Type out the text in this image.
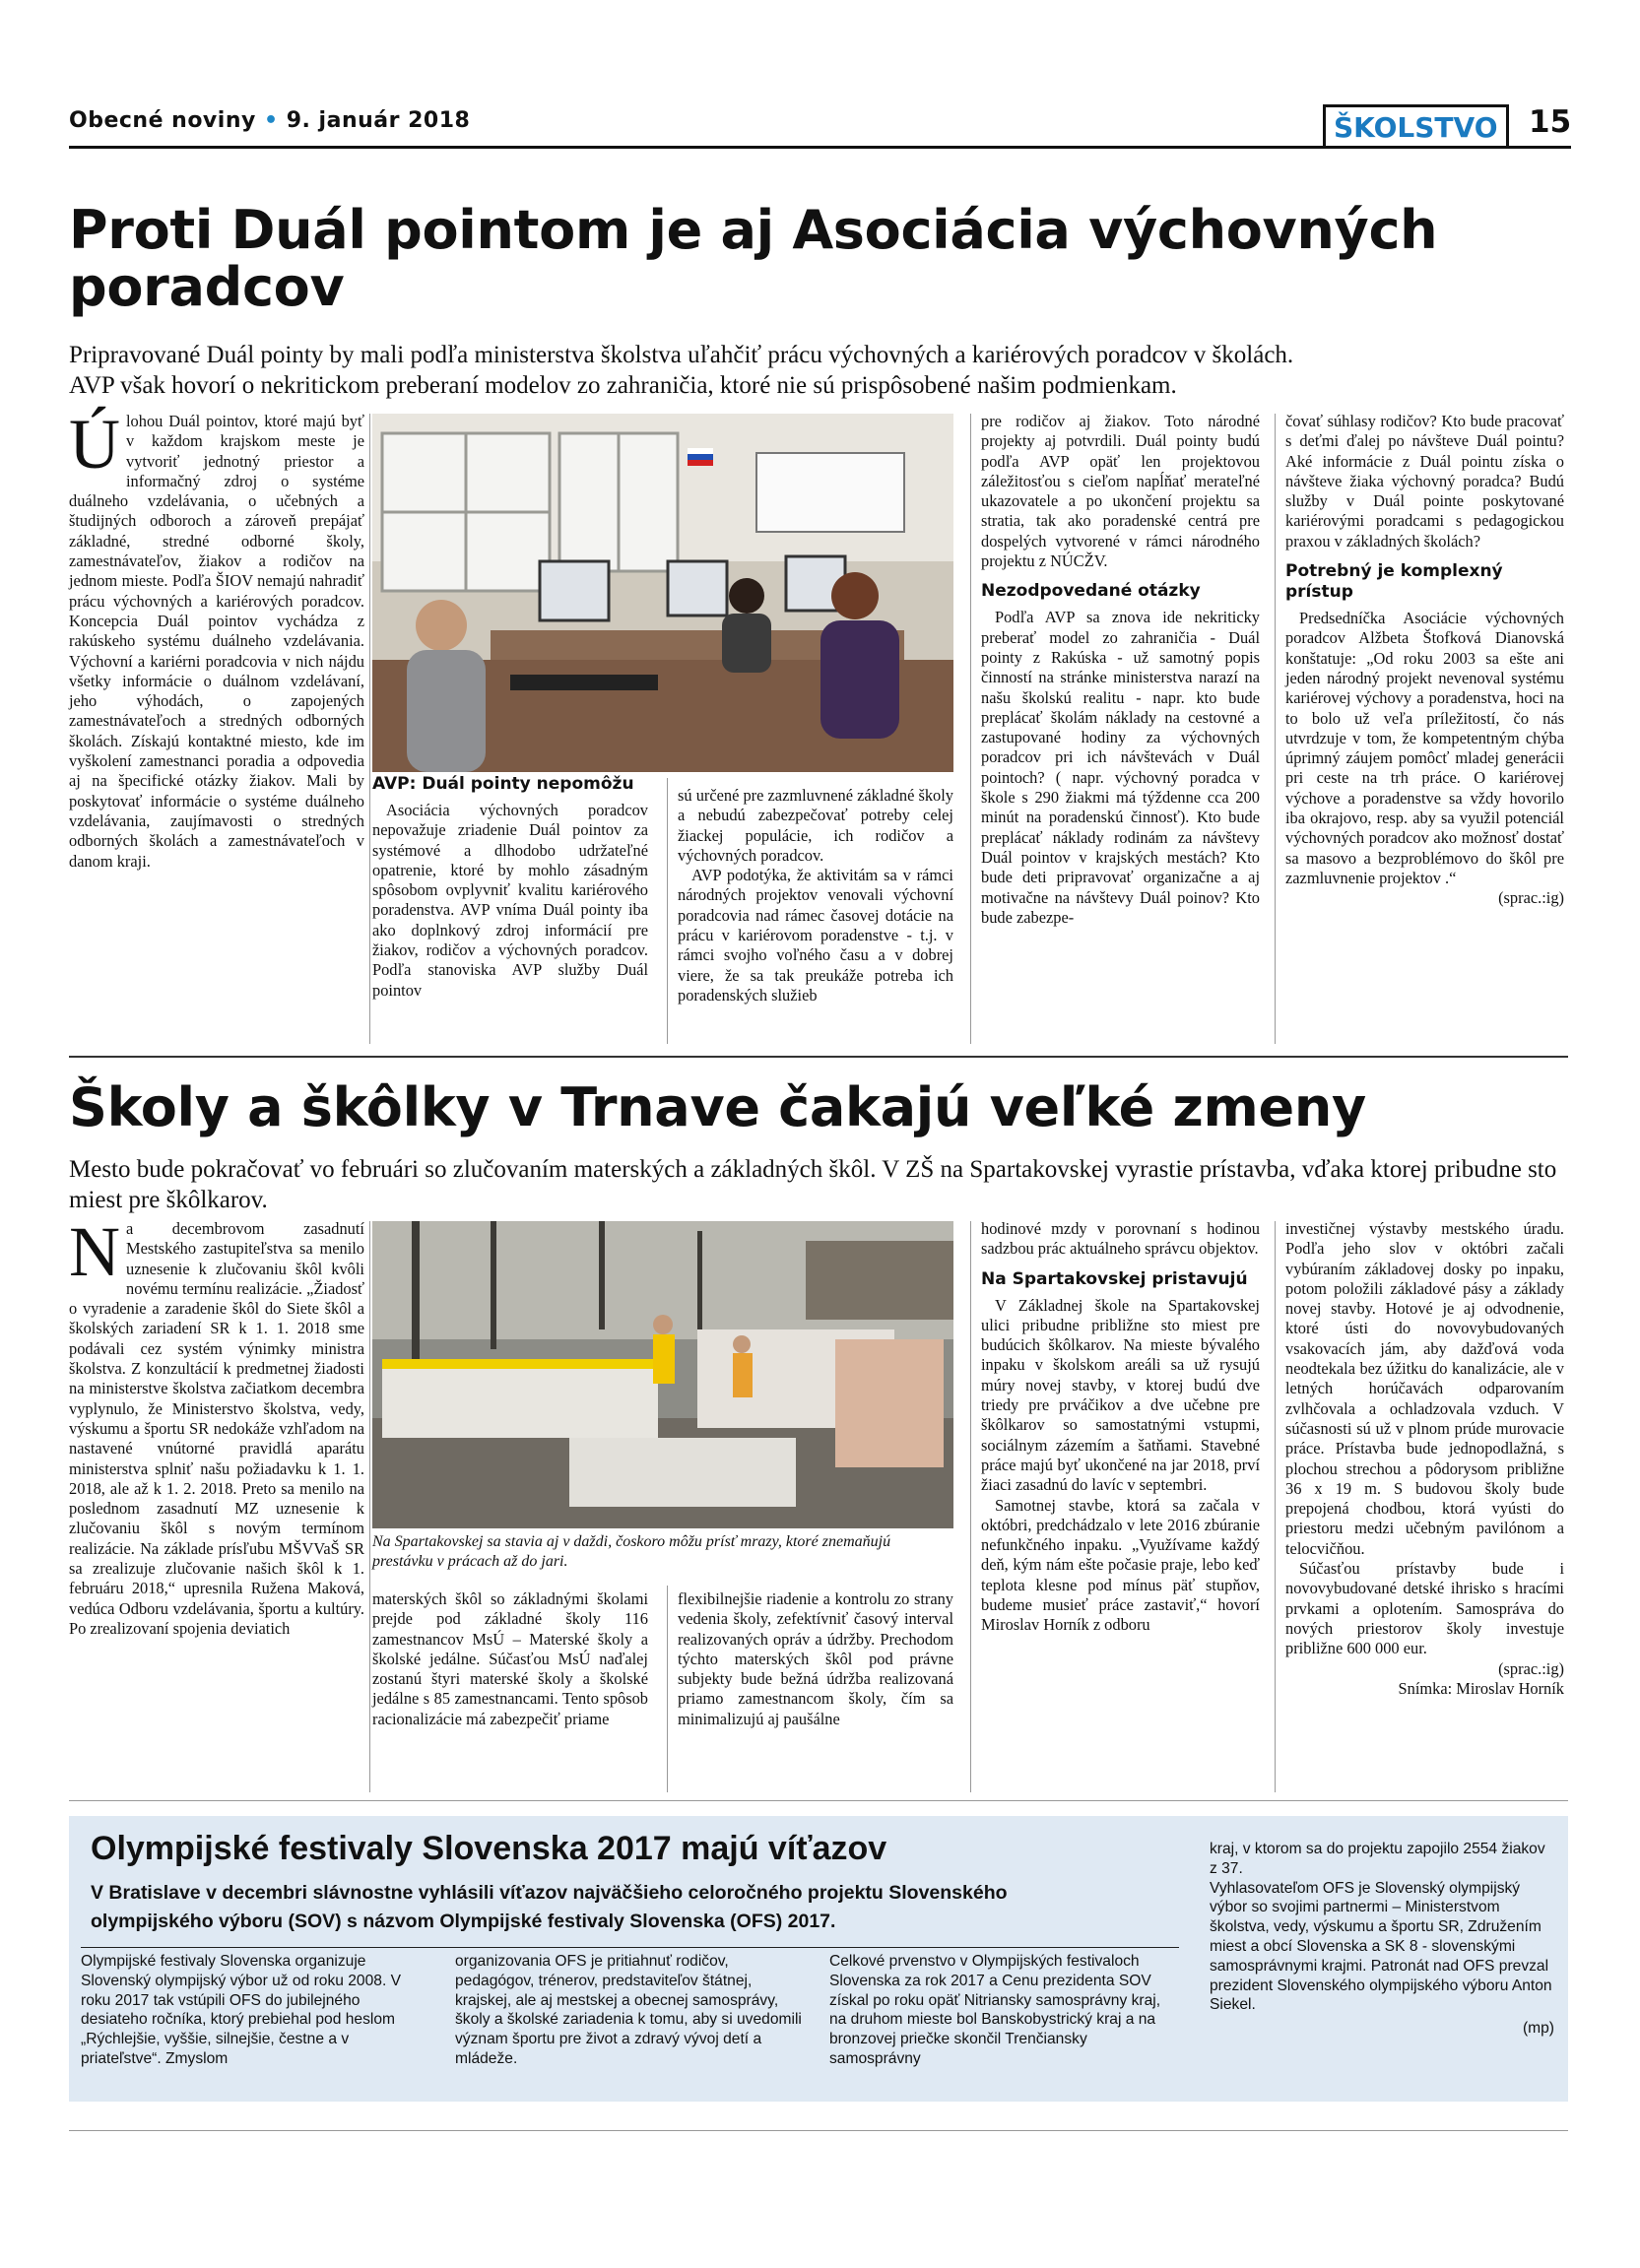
Obecné noviny • 9. január 2018	ŠKOLSTVO	15
Proti Duál pointom je aj Asociácia výchovných poradcov
Pripravované Duál pointy by mali podľa ministerstva školstva uľahčiť prácu výchovných a kariérových poradcov v školách.
AVP však hovorí o nekritickom preberaní modelov zo zahraničia, ktoré nie sú prispôsobené našim podmienkam.
Ú lohou Duál pointov, ktoré majú byť v každom krajskom meste je vytvoriť jednotný priestor a informačný zdroj o systéme duálneho vzdelávania, o učebných a študijných odboroch a zároveň prepájať základné, stredné odborné školy, zamestnávateľov, žiakov a rodičov na jednom mieste. Podľa ŠIOV nemajú nahradiť prácu výchovných a kariérových poradcov. Koncepcia Duál pointov vychádza z rakúskeho systému duálneho vzdelávania. Výchovní a kariérni poradcovia v nich nájdu všetky informácie o duálnom vzdelávaní, jeho výhodách, o zapojených zamestnávateľoch a stredných odborných školách. Získajú kontaktné miesto, kde im vyškolení zamestnanci poradia a odpovedia aj na špecifické otázky žiakov. Mali by poskytovať informácie o systéme duálneho vzdelávania, zaujímavosti o stredných odborných školách a zamestnávateľoch v danom kraji.
AVP: Duál pointy nepomôžu

Asociácia výchovných poradcov nepovažuje zriadenie Duál pointov za systémové a dlhodobo udržateľné opatrenie, ktoré by mohlo zásadným spôsobom ovplyvniť kvalitu kariérového poradenstva. AVP vníma Duál pointy iba ako doplnkový zdroj informácií pre žiakov, rodičov a výchovných poradcov. Podľa stanoviska AVP služby Duál pointov

sú určené pre zazmluvnené základné školy a nebudú zabezpečovať potreby celej žiackej populácie, ich rodičov a výchovných poradcov.

AVP podotýka, že aktivitám sa v rámci národných projektov venovali výchovní poradcovia nad rámec časovej dotácie na prácu v kariérovom poradenstve - t.j. v rámci svojho voľného času a v dobrej viere, že sa tak preukáže potreba ich poradenských služieb

pre rodičov aj žiakov. Toto národné projekty aj potvrdili. Duál pointy budú podľa AVP opäť len projektovou záležitosťou s cieľom napĺňať merateľné ukazovatele a po ukončení projektu sa stratia, tak ako poradenské centrá pre dospelých vytvorené v rámci národného projektu z NÚCŽV.

Nezodpovedané otázky

Podľa AVP sa znova ide nekriticky preberať model zo zahraničia - Duál pointy z Rakúska - už samotný popis činností na stránke ministerstva narazí na našu školskú realitu - napr. kto bude preplácať školám náklady na cestovné a zastupované hodiny za výchovných poradcov pri ich návštevách v Duál pointoch? ( napr. výchovný poradca v škole s 290 žiakmi má týždenne cca 200 minút na poradenskú činnosť). Kto bude preplácať náklady rodinám za návštevy Duál pointov v krajských mestách? Kto bude deti pripravovať organizačne a aj motivačne na návštevy Duál poinov? Kto bude zabezpe-

čovať súhlasy rodičov? Kto bude pracovať s deťmi ďalej po návšteve Duál pointu? Aké informácie z Duál pointu získa o návšteve žiaka výchovný poradca? Budú služby v Duál pointe poskytované kariérovými poradcami s pedagogickou praxou v základných školách?

Potrebný je komplexný prístup

Predsedníčka Asociácie výchovných poradcov Alžbeta Štofková Dianovská konštatuje: „Od roku 2003 sa ešte ani jeden národný projekt nevenoval systému kariérovej výchovy a poradenstva, hoci na to bolo už veľa príležitostí, čo nás utvrdzuje v tom, že kompetentným chýba úprimný záujem pomôcť mladej generácii pri ceste na trh práce. O kariérovej výchove a poradenstve sa vždy hovorilo iba okrajovo, resp. aby sa využil potenciál výchovných poradcov ako možnosť dostať sa masovo a bezproblémovo do škôl pre zazmluvnenie projektov .“

(sprac.:ig)

Školy a škôlky v Trnave čakajú veľké zmeny
Mesto bude pokračovať vo februári so zlučovaním materských a základných škôl. V ZŠ na Spartakovskej vyrastie prístavba, vďaka ktorej pribudne sto miest pre škôlkarov.
N a decembrovom zasadnutí Mestského zastupiteľstva sa menilo uznesenie k zlučovaniu škôl kvôli novému termínu realizácie. „Žiadosť o vyradenie a zaradenie škôl do Siete škôl a školských zariadení SR k 1. 1. 2018 sme podávali cez systém výnimky ministra školstva. Z konzultácií k predmetnej žiadosti na ministerstve školstva začiatkom decembra vyplynulo, že Ministerstvo školstva, vedy, výskumu a športu SR nedokáže vzhľadom na nastavené vnútorné pravidlá aparátu ministerstva splniť našu požiadavku k 1. 1. 2018, ale až k 1. 2. 2018. Preto sa menilo na poslednom zasadnutí MZ uznesenie k zlučovaniu škôl s novým termínom realizácie. Na základe prísľubu MŠVVaŠ SR sa zrealizuje zlučovanie našich škôl k 1. februáru 2018,“ upresnila Ružena Maková, vedúca Odboru vzdelávania, športu a kultúry. Po zrealizovaní spojenia deviatich
Na Spartakovskej sa stavia aj v daždi, čoskoro môžu prísť mrazy, ktoré znemaňujú prestávku v prácach až do jari.

materských škôl so základnými školami prejde pod základné školy 116 zamestnancov MsÚ – Materské školy a školské jedálne. Súčasťou MsÚ naďalej zostanú štyri materské školy a školské jedálne s 85 zamestnancami. Tento spôsob racionalizácie má zabezpečiť priame

flexibilnejšie riadenie a kontrolu zo strany vedenia školy, zefektívniť časový interval realizovaných opráv a údržby. Prechodom týchto materských škôl pod právne subjekty bude bežná údržba realizovaná priamo zamestnancom školy, čím sa minimalizujú aj paušálne

hodinové mzdy v porovnaní s hodinou sadzbou prác aktuálneho správcu objektov.

Na Spartakovskej pristavujú

V Základnej škole na Spartakovskej ulici pribudne približne sto miest pre budúcich škôlkarov. Na mieste bývalého inpaku v školskom areáli sa už rysujú múry novej stavby, v ktorej budú dve triedy pre prváčikov a dve učebne pre škôlkarov so samostatnými vstupmi, sociálnym zázemím a šatňami. Stavebné práce majú byť ukončené na jar 2018, prví žiaci zasadnú do lavíc v septembri.

Samotnej stavbe, ktorá sa začala v októbri, predchádzalo v lete 2016 zbúranie nefunkčného inpaku. „Využívame každý deň, kým nám ešte počasie praje, lebo keď teplota klesne pod mínus päť stupňov, budeme musieť práce zastaviť,“ hovorí Miroslav Horník z odboru

investičnej výstavby mestského úradu. Podľa jeho slov v októbri začali vybúraním základovej dosky po inpaku, potom položili základové pásy a základy novej stavby. Hotové je aj odvodnenie, ktoré ústi do novovybudovaných vsakovacích jám, aby dažďová voda neodtekala bez úžitku do kanalizácie, ale v letných horúčavách odparovaním zvlhčovala a ochladzovala vzduch. V súčasnosti sú už v plnom prúde murovacie práce. Prístavba bude jednopodlažná, s plochou strechou a pôdorysom približne 36 x 19 m. S budovou školy bude prepojená chodbou, ktorá vyústi do priestoru medzi učebným pavilónom a telocvičňou.

Súčasťou prístavby bude i novovybudované detské ihrisko s hracími prvkami a oplotením. Samospráva do nových priestorov školy investuje približne 600 000 eur.

(sprac.:ig)

Snímka: Miroslav Horník

Olympijské festivaly Slovenska 2017 majú víťazov
V Bratislave v decembri slávnostne vyhlásili víťazov najväčšieho celoročného projektu Slovenského
olympijského výboru (SOV) s názvom Olympijské festivaly Slovenska (OFS) 2017.

Olympijské festivaly Slovenska organizuje Slovenský olympijský výbor už od roku 2008. V roku 2017 tak vstúpili OFS do jubilejného desiateho ročníka, ktorý prebiehal pod heslom „Rýchlejšie, vyššie, silnejšie, čestne a v priateľstve“. Zmyslom

organizovania OFS je pritiahnuť rodičov, pedagógov, trénerov, predstaviteľov štátnej, krajskej, ale aj mestskej a obecnej samosprávy, školy a školské zariadenia k tomu, aby si uvedomili význam športu pre život a zdravý vývoj detí a mládeže.

Celkové prvenstvo v Olympijských festivaloch Slovenska za rok 2017 a Cenu prezidenta SOV získal po roku opäť Nitriansky samosprávny kraj, na druhom mieste bol Banskobystrický kraj a na bronzovej priečke skončil Trenčiansky samosprávny

kraj, v ktorom sa do projektu zapojilo 2554 žiakov z 37.

Vyhlasovateľom OFS je Slovenský olympijský výbor so svojimi partnermi – Ministerstvom školstva, vedy, výskumu a športu SR, Združením miest a obcí Slovenska a SK 8 - slovenskými samosprávnymi krajmi. Patronát nad OFS prevzal prezident Slovenského olympijského výboru Anton Siekel.

(mp)
